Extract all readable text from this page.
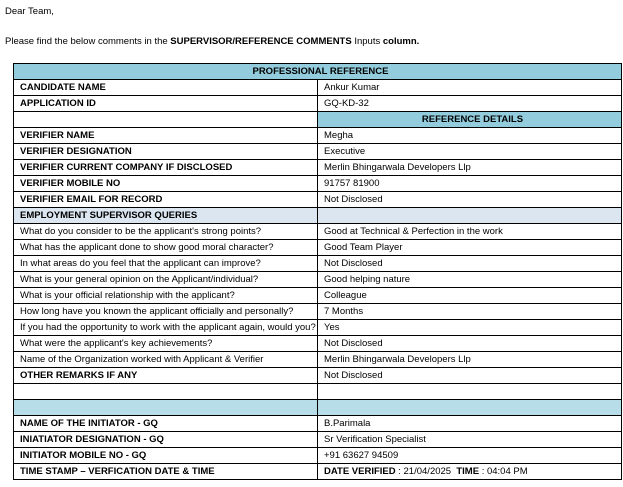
Dear Team,
Please find the below comments in the SUPERVISOR/REFERENCE COMMENTS Inputs column.
PROFESSIONAL REFERENCE	
CANDIDATE NAME	Ankur Kumar
APPLICATION ID	GQ-KD-32
	REFERENCE DETAILS
VERIFIER NAME	Megha
VERIFIER DESIGNATION	Executive
VERIFIER CURRENT COMPANY IF DISCLOSED	Merlin Bhingarwala Developers Llp
VERIFIER MOBILE NO	91757 81900
VERIFIER EMAIL FOR RECORD	Not Disclosed
EMPLOYMENT SUPERVISOR QUERIES	
What do you consider to be the applicant's strong points?	Good at Technical & Perfection in the work
What has the applicant done to show good moral character?	Good Team Player
In what areas do you feel that the applicant can improve?	Not Disclosed
What is your general opinion on the Applicant/individual?	Good helping nature
What is your official relationship with the applicant?	Colleague
How long have you known the applicant officially and personally?	7 Months
If you had the opportunity to work with the applicant again, would you?	Yes
What were the applicant's key achievements?	Not Disclosed
Name of the Organization worked with Applicant & Verifier	Merlin Bhingarwala Developers Llp
OTHER REMARKS IF ANY	Not Disclosed

NAME OF THE INITIATOR - GQ	B.Parimala
INIATIATOR DESIGNATION - GQ	Sr Verification Specialist
INITIATOR MOBILE NO - GQ	+91 63627 94509
TIME STAMP – VERFICATION DATE & TIME	DATE VERIFIED : 21/04/2025  TIME : 04:04 PM
